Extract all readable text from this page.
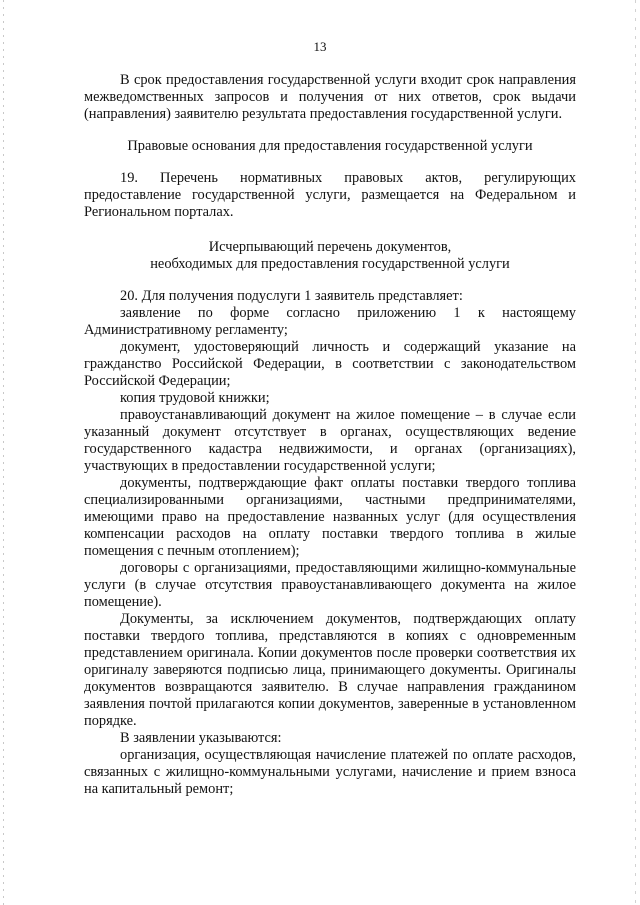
13

В срок предоставления государственной услуги входит срок направления межведомственных запросов и получения от них ответов, срок выдачи (направления) заявителю результата предоставления государственной услуги.

Правовые основания для предоставления государственной услуги

19. Перечень нормативных правовых актов, регулирующих предоставление государственной услуги, размещается на Федеральном и Региональном порталах.

Исчерпывающий перечень документов,

необходимых для предоставления государственной услуги

20. Для получения подуслуги 1 заявитель представляет:

заявление по форме согласно приложению 1 к настоящему Административному регламенту;

документ, удостоверяющий личность и содержащий указание на гражданство Российской Федерации, в соответствии с законодательством Российской Федерации;

копия трудовой книжки;

правоустанавливающий документ на жилое помещение – в случае если указанный документ отсутствует в органах, осуществляющих ведение государственного кадастра недвижимости, и органах (организациях), участвующих в предоставлении государственной услуги;

документы, подтверждающие факт оплаты поставки твердого топлива специализированными организациями, частными предпринимателями, имеющими право на предоставление названных услуг (для осуществления компенсации расходов на оплату поставки твердого топлива в жилые помещения с печным отоплением);

договоры с организациями, предоставляющими жилищно-коммунальные услуги (в случае отсутствия правоустанавливающего документа на жилое помещение).

Документы, за исключением документов, подтверждающих оплату поставки твердого топлива, представляются в копиях с одновременным представлением оригинала. Копии документов после проверки соответствия их оригиналу заверяются подписью лица, принимающего документы. Оригиналы документов возвращаются заявителю. В случае направления гражданином заявления почтой прилагаются копии документов, заверенные в установленном порядке.

В заявлении указываются:

организация, осуществляющая начисление платежей по оплате расходов, связанных с жилищно-коммунальными услугами, начисление и прием взноса на капитальный ремонт;
